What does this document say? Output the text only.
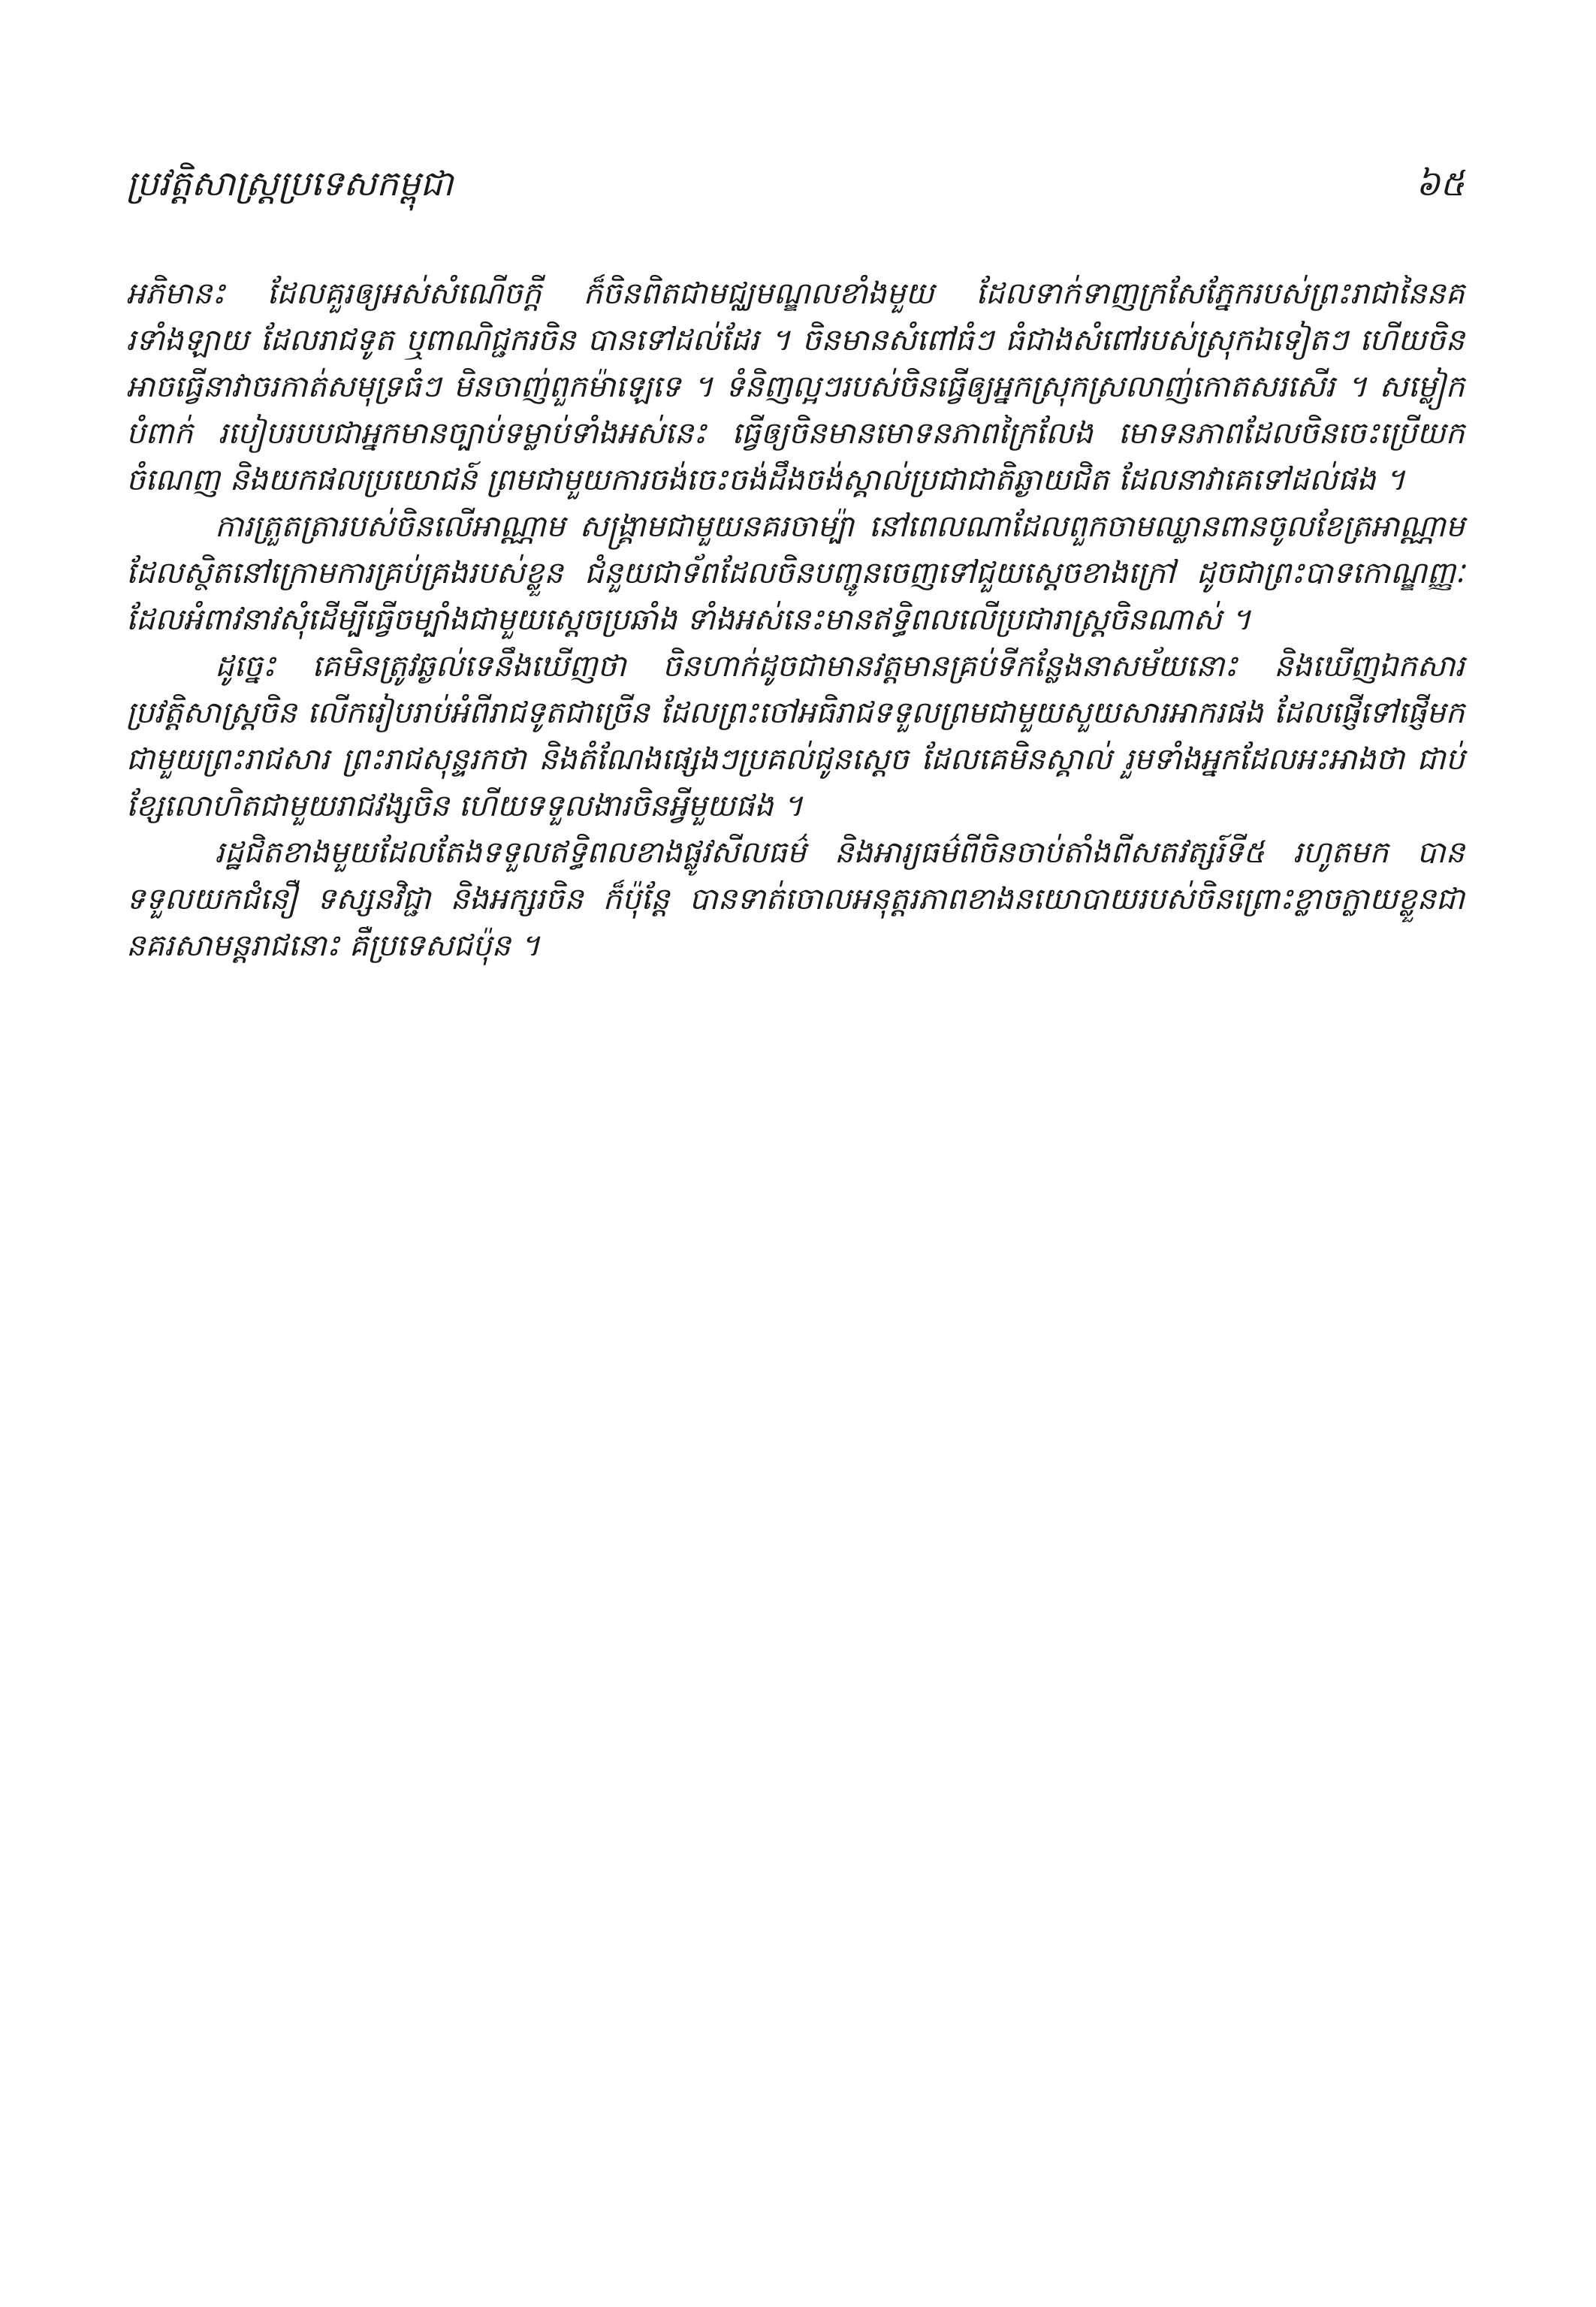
ប្រវត្តិសាស្ត្រប្រទេសកម្ពុជា	៦៥

អភិមានះ ដែលគួរឲ្យអស់សំណើចក្តី ក៏ចិនពិតជាមជ្ឈមណ្ឌលខាំងមួយ ដែលទាក់ទាញក្រសែភ្នែករបស់ព្រះរាជានៃនគរទាំងឡាយ ដែលរាជទូត ឬពាណិជ្ជករចិន បានទៅដល់ដែរ ។ ចិនមានសំពៅធំៗ ធំជាងសំពៅរបស់ស្រុកឯទៀតៗ ហើយចិនអាចធ្វើនាវាចរកាត់សមុទ្រធំៗ មិនចាញ់ពួកម៉ាឡេទេ ។ ទំនិញល្អៗរបស់ចិនធ្វើឲ្យអ្នកស្រុកស្រលាញ់កោតសរសើរ ។ សម្លៀកបំពាក់ របៀបរបបជាអ្នកមានច្បាប់ទម្លាប់ទាំងអស់នេះ ធ្វើឲ្យចិនមានមោទនភាពក្រៃលែង មោទនភាពដែលចិនចេះប្រើយកចំណេញ និងយកផលប្រយោជន៍ ព្រមជាមួយការចង់ចេះចង់ដឹងចង់ស្គាល់ប្រជាជាតិឆ្ងាយជិត ដែលនាវាគេទៅដល់ផង ។

ការត្រួតត្រារបស់ចិនលើអាណ្ណាម សង្គ្រាមជាមួយនគរចាម្ប៉ា នៅពេលណាដែលពួកចាមឈ្លានពានចូលខែត្រអាណ្ណាម ដែលស្ថិតនៅក្រោមការគ្រប់គ្រងរបស់ខ្លួន ជំនួយជាទ័ពដែលចិនបញ្ជូនចេញទៅជួយស្តេចខាងក្រៅ ដូចជាព្រះបាទកោណ្ឌញ្ញៈ ដែលអំពាវនាវសុំដើម្បីធ្វើចម្បាំងជាមួយស្តេចប្រឆាំង ទាំងអស់នេះមានឥទ្ធិពលលើប្រជារាស្ត្រចិនណាស់ ។

ដូច្នេះ គេមិនត្រូវឆ្ងល់ទេនឹងឃើញថា ចិនហាក់ដូចជាមានវត្តមានគ្រប់ទីកន្លែងនាសម័យនោះ និងឃើញឯកសារប្រវត្តិសាស្ត្រចិន លើករៀបរាប់អំពីរាជទូតជាច្រើន ដែលព្រះចៅអធិរាជទទួលព្រមជាមួយសួយសារអាករផង ដែលផ្ញើទៅផ្ញើមកជាមួយព្រះរាជសារ ព្រះរាជសុន្ទរកថា និងតំណែងផ្សេងៗប្រគល់ជូនស្តេច ដែលគេមិនស្គាល់ រួមទាំងអ្នកដែលអះអាងថា ជាប់ខ្សែលោហិតជាមួយរាជវង្សចិន ហើយទទួលងារចិនអ្វីមួយផង ។

រដ្ឋជិតខាងមួយដែលតែងទទួលឥទ្ធិពលខាងផ្លូវសីលធម៌ និងអារ្យធម៌ពីចិនចាប់តាំងពីសតវត្សរ៍ទី៥ រហូតមក បានទទួលយកជំនឿ ទស្សនវិជ្ជា និងអក្សរចិន ក៏ប៉ុន្តែ បានទាត់ចោលអនុត្តរភាពខាងនយោបាយរបស់ចិនព្រោះខ្លាចក្លាយខ្លួនជានគរសាមន្តរាជនោះ គឺប្រទេសជប៉ុន ។
